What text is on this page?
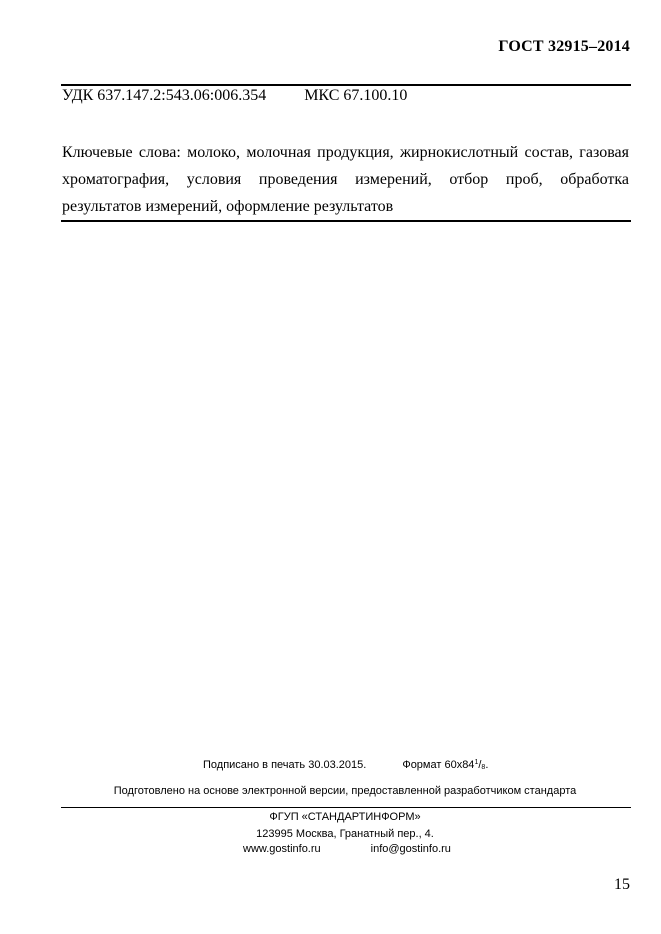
ГОСТ 32915–2014
УДК 637.147.2:543.06:006.354 МКС 67.100.10
Ключевые слова: молоко, молочная продукция, жирнокислотный состав, газовая хроматография, условия проведения измерений, отбор проб, обработка результатов измерений, оформление результатов
Подписано в печать 30.03.2015.	Формат $60x84^1/_8$.
Подготовлено на основе электронной версии, предоставленной разработчиком стандарта
ФГУП «СТАНДАРТИНФОРМ»
123995 Москва, Гранатный пер., 4.
www.gostinfo.ru	info@gostinfo.ru
15
